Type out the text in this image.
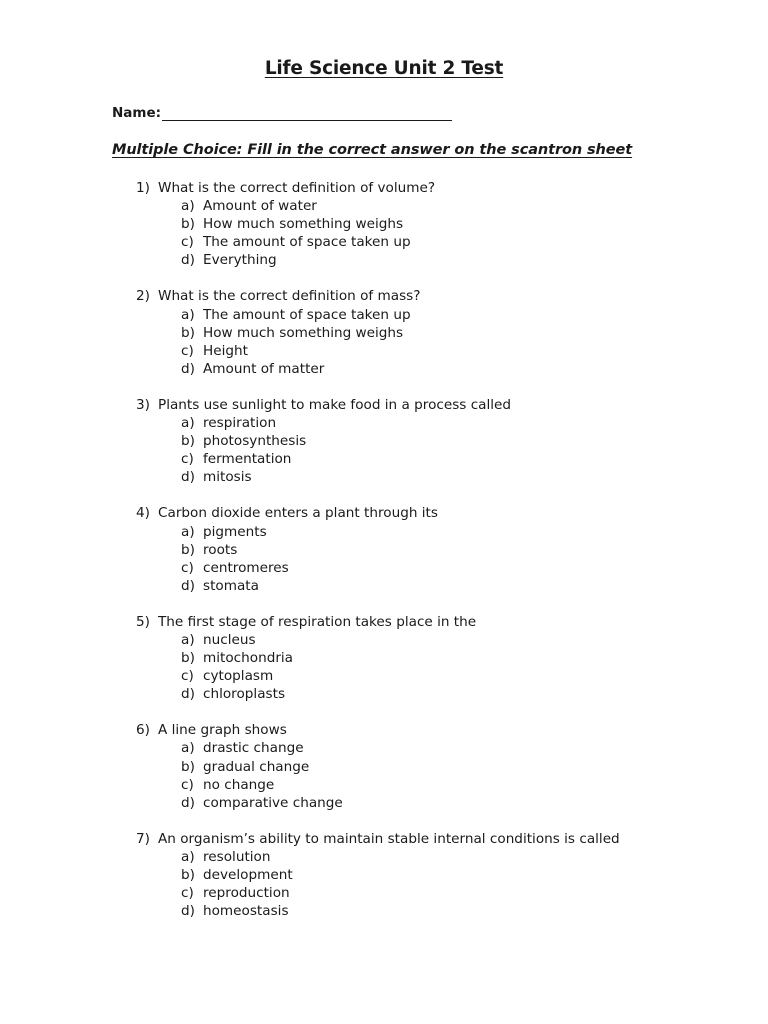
Life Science Unit 2 Test
Name:
Multiple Choice: Fill in the correct answer on the scantron sheet
1) What is the correct definition of volume?
a) Amount of water
b) How much something weighs
c) The amount of space taken up
d) Everything
2) What is the correct definition of mass?
a) The amount of space taken up
b) How much something weighs
c) Height
d) Amount of matter
3) Plants use sunlight to make food in a process called
a) respiration
b) photosynthesis
c) fermentation
d) mitosis
4) Carbon dioxide enters a plant through its
a) pigments
b) roots
c) centromeres
d) stomata
5) The first stage of respiration takes place in the
a) nucleus
b) mitochondria
c) cytoplasm
d) chloroplasts
6) A line graph shows
a) drastic change
b) gradual change
c) no change
d) comparative change
7) An organism’s ability to maintain stable internal conditions is called
a) resolution
b) development
c) reproduction
d) homeostasis
